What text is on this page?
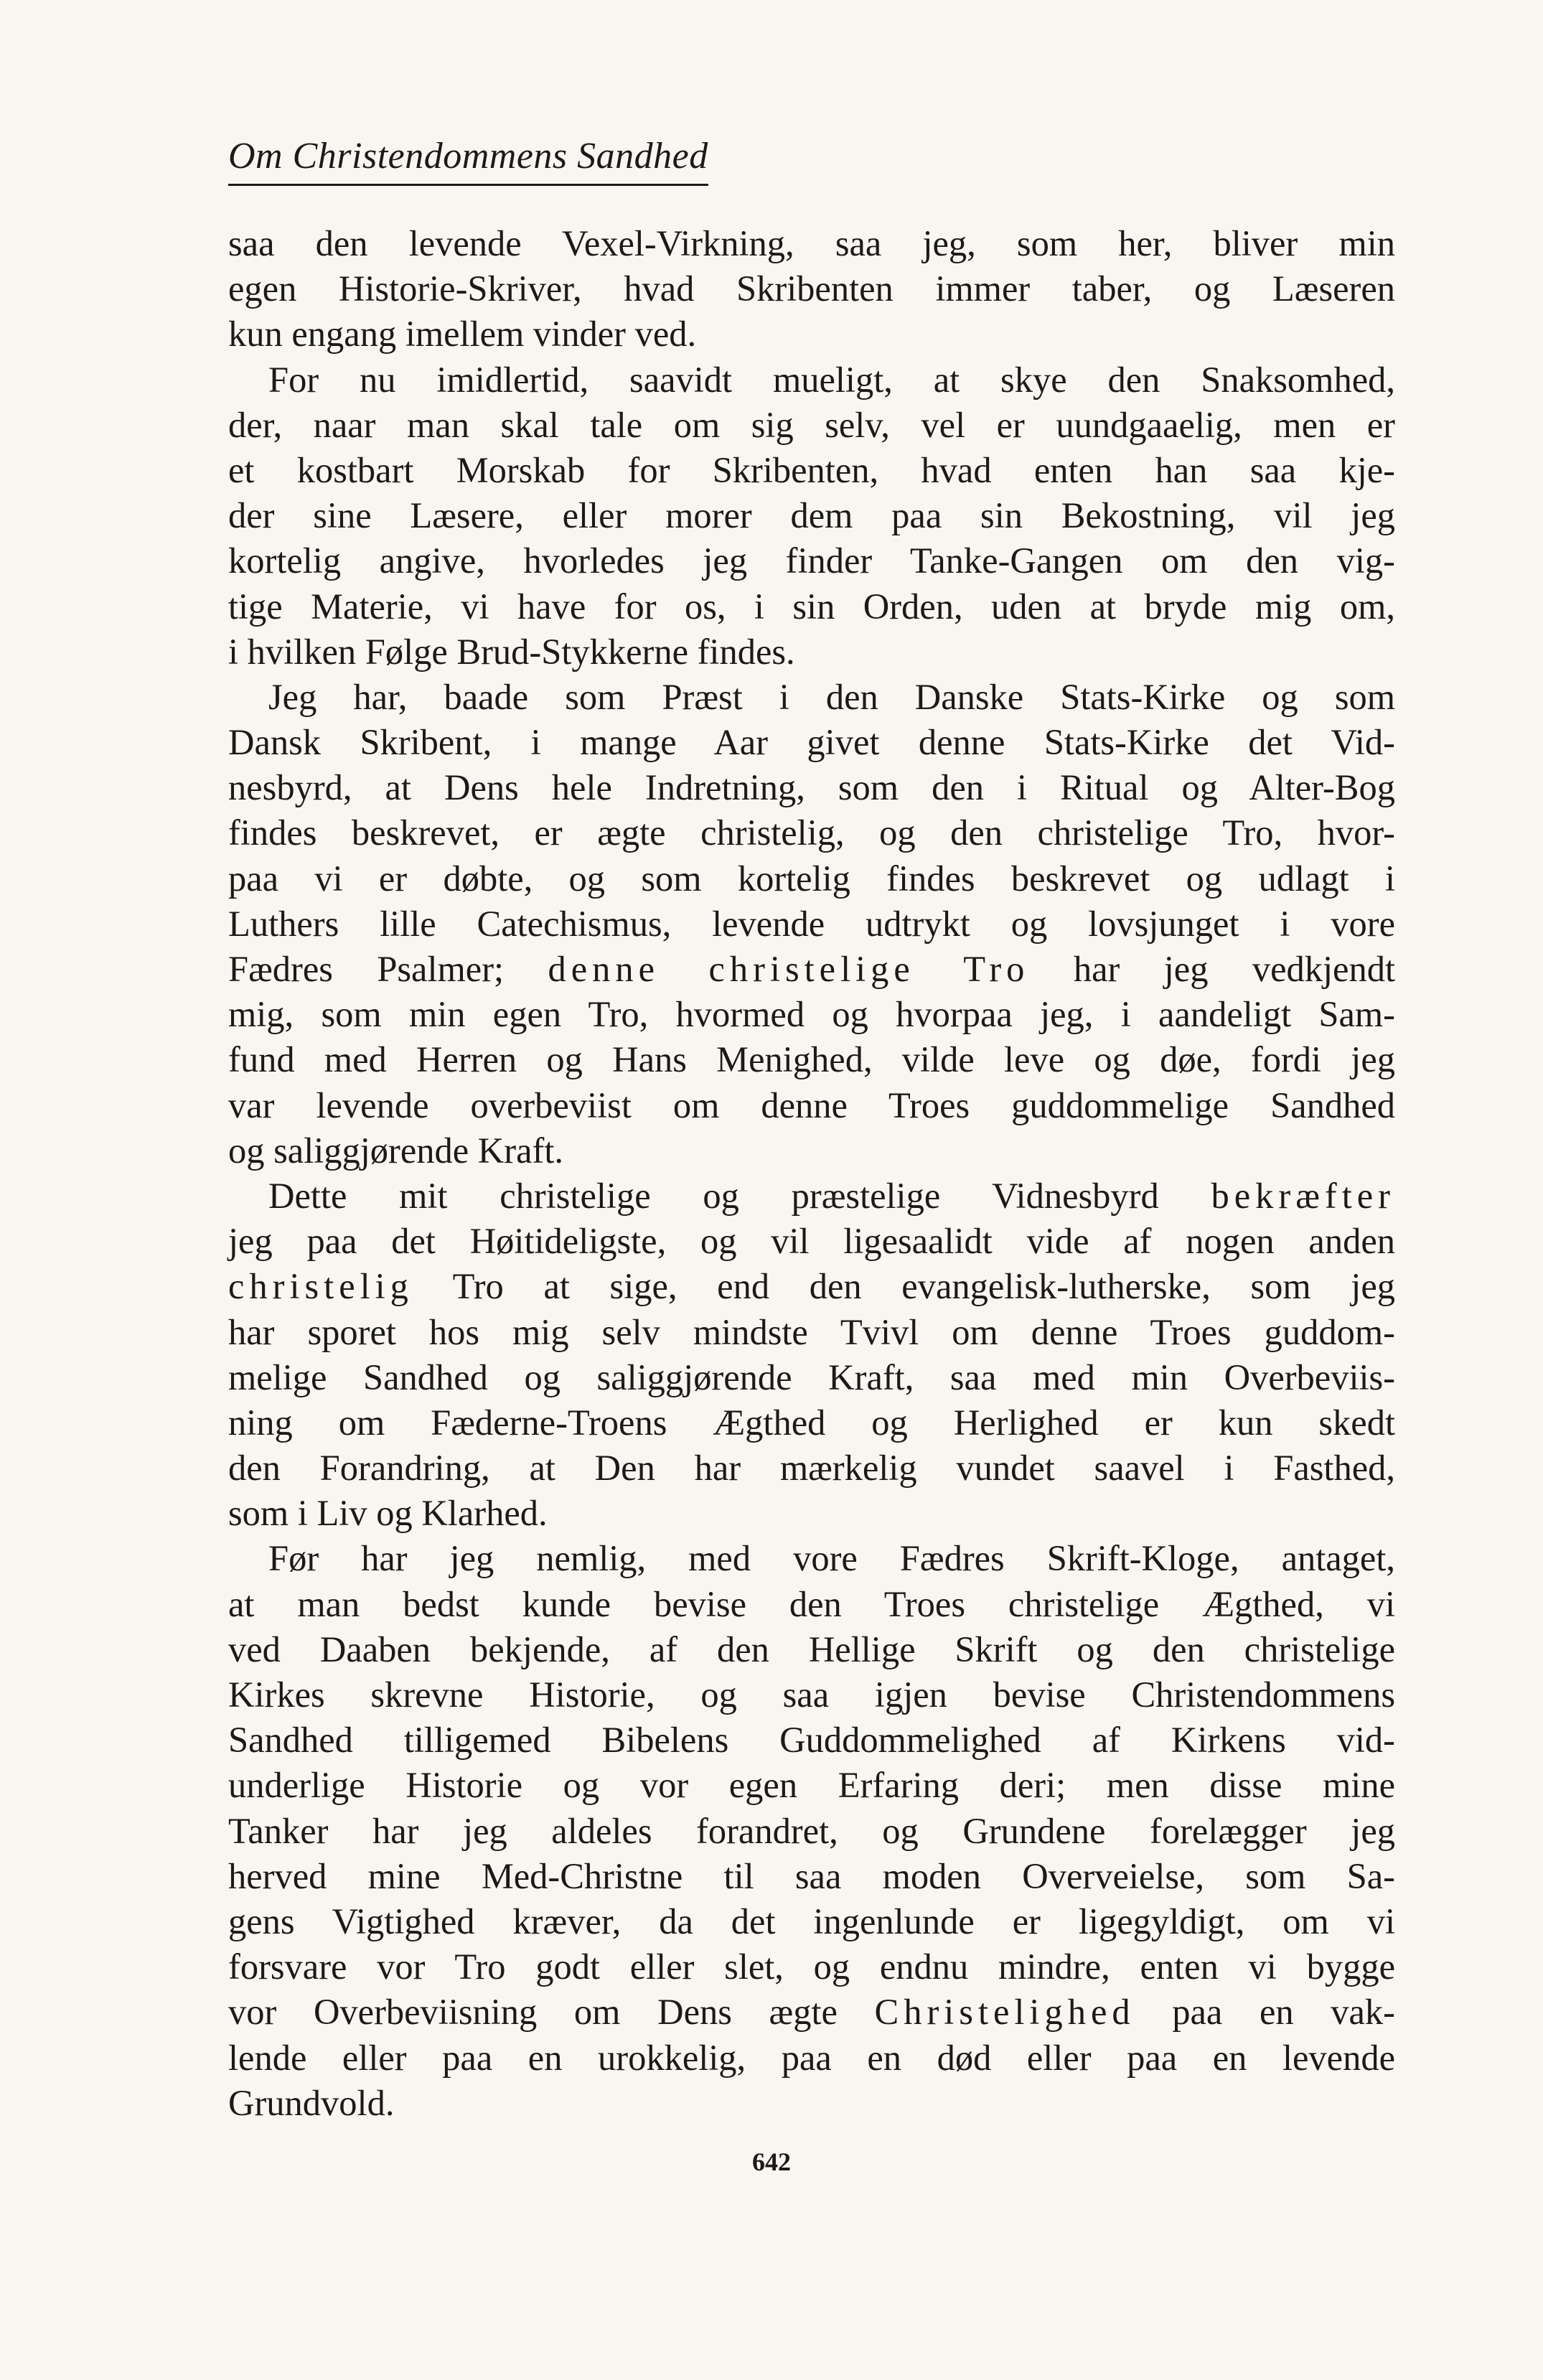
Om Christendommens Sandhed
saa den levende Vexel-Virkning, saa jeg, som her, bliver min
egen Historie-Skriver, hvad Skribenten immer taber, og Læseren
kun engang imellem vinder ved.
For nu imidlertid, saavidt mueligt, at skye den Snaksomhed,
der, naar man skal tale om sig selv, vel er uundgaaelig, men er
et kostbart Morskab for Skribenten, hvad enten han saa kje-
der sine Læsere, eller morer dem paa sin Bekostning, vil jeg
kortelig angive, hvorledes jeg finder Tanke-Gangen om den vig-
tige Materie, vi have for os, i sin Orden, uden at bryde mig om,
i hvilken Følge Brud-Stykkerne findes.
Jeg har, baade som Præst i den Danske Stats-Kirke og som
Dansk Skribent, i mange Aar givet denne Stats-Kirke det Vid-
nesbyrd, at Dens hele Indretning, som den i Ritual og Alter-Bog
findes beskrevet, er ægte christelig, og den christelige Tro, hvor-
paa vi er døbte, og som kortelig findes beskrevet og udlagt i
Luthers lille Catechismus, levende udtrykt og lovsjunget i vore
Fædres Psalmer; denne christelige Tro har jeg vedkjendt
mig, som min egen Tro, hvormed og hvorpaa jeg, i aandeligt Sam-
fund med Herren og Hans Menighed, vilde leve og døe, fordi jeg
var levende overbeviist om denne Troes guddommelige Sandhed
og saliggjørende Kraft.
Dette mit christelige og præstelige Vidnesbyrd bekræfter
jeg paa det Høitideligste, og vil ligesaalidt vide af nogen anden
christelig Tro at sige, end den evangelisk-lutherske, som jeg
har sporet hos mig selv mindste Tvivl om denne Troes guddom-
melige Sandhed og saliggjørende Kraft, saa med min Overbeviis-
ning om Fæderne-Troens Ægthed og Herlighed er kun skedt
den Forandring, at Den har mærkelig vundet saavel i Fasthed,
som i Liv og Klarhed.
Før har jeg nemlig, med vore Fædres Skrift-Kloge, antaget,
at man bedst kunde bevise den Troes christelige Ægthed, vi
ved Daaben bekjende, af den Hellige Skrift og den christelige
Kirkes skrevne Historie, og saa igjen bevise Christendommens
Sandhed tilligemed Bibelens Guddommelighed af Kirkens vid-
underlige Historie og vor egen Erfaring deri; men disse mine
Tanker har jeg aldeles forandret, og Grundene forelægger jeg
herved mine Med-Christne til saa moden Overveielse, som Sa-
gens Vigtighed kræver, da det ingenlunde er ligegyldigt, om vi
forsvare vor Tro godt eller slet, og endnu mindre, enten vi bygge
vor Overbeviisning om Dens ægte Christelighed paa en vak-
lende eller paa en urokkelig, paa en død eller paa en levende
Grundvold.
642
